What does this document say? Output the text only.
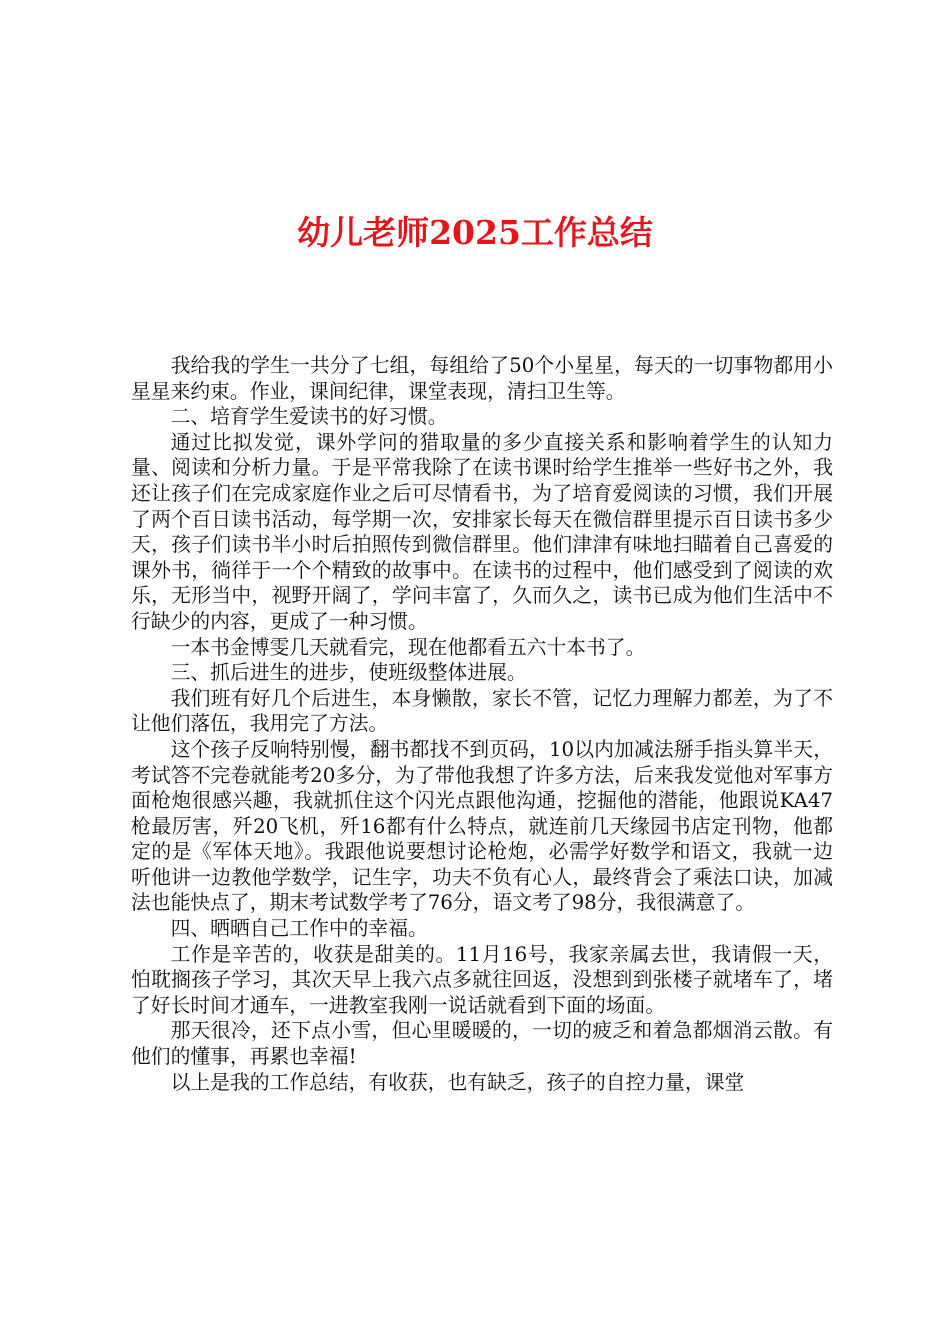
幼儿老师2025工作总结

我给我的学生一共分了七组，每组给了50个小星星，每天的一切事物都用小星星来约束。作业，课间纪律，课堂表现，清扫卫生等。

二、培育学生爱读书的好习惯。

通过比拟发觉，课外学问的猎取量的多少直接关系和影响着学生的认知力量、阅读和分析力量。于是平常我除了在读书课时给学生推举一些好书之外，我还让孩子们在完成家庭作业之后可尽情看书，为了培育爱阅读的习惯，我们开展了两个百日读书活动，每学期一次，安排家长每天在微信群里提示百日读书多少天，孩子们读书半小时后拍照传到微信群里。他们津津有味地扫瞄着自己喜爱的课外书，徜徉于一个个精致的故事中。在读书的过程中，他们感受到了阅读的欢乐，无形当中，视野开阔了，学问丰富了，久而久之，读书已成为他们生活中不行缺少的内容，更成了一种习惯。

一本书金博雯几天就看完，现在他都看五六十本书了。

三、抓后进生的进步，使班级整体进展。

我们班有好几个后进生，本身懒散，家长不管，记忆力理解力都差，为了不让他们落伍，我用完了方法。

这个孩子反响特别慢，翻书都找不到页码，10以内加减法掰手指头算半天，考试答不完卷就能考20多分，为了带他我想了许多方法，后来我发觉他对军事方面枪炮很感兴趣，我就抓住这个闪光点跟他沟通，挖掘他的潜能，他跟说KA47枪最厉害，歼20飞机，歼16都有什么特点，就连前几天缘园书店定刊物，他都定的是《军体天地》。我跟他说要想讨论枪炮，必需学好数学和语文，我就一边听他讲一边教他学数学，记生字，功夫不负有心人，最终背会了乘法口诀，加减法也能快点了，期末考试数学考了76分，语文考了98分，我很满意了。

四、晒晒自己工作中的幸福。

工作是辛苦的，收获是甜美的。11月16号，我家亲属去世，我请假一天，怕耽搁孩子学习，其次天早上我六点多就往回返，没想到到张楼子就堵车了，堵了好长时间才通车，一进教室我刚一说话就看到下面的场面。

那天很冷，还下点小雪，但心里暖暖的，一切的疲乏和着急都烟消云散。有他们的懂事，再累也幸福!

以上是我的工作总结，有收获，也有缺乏，孩子的自控力量，课堂
